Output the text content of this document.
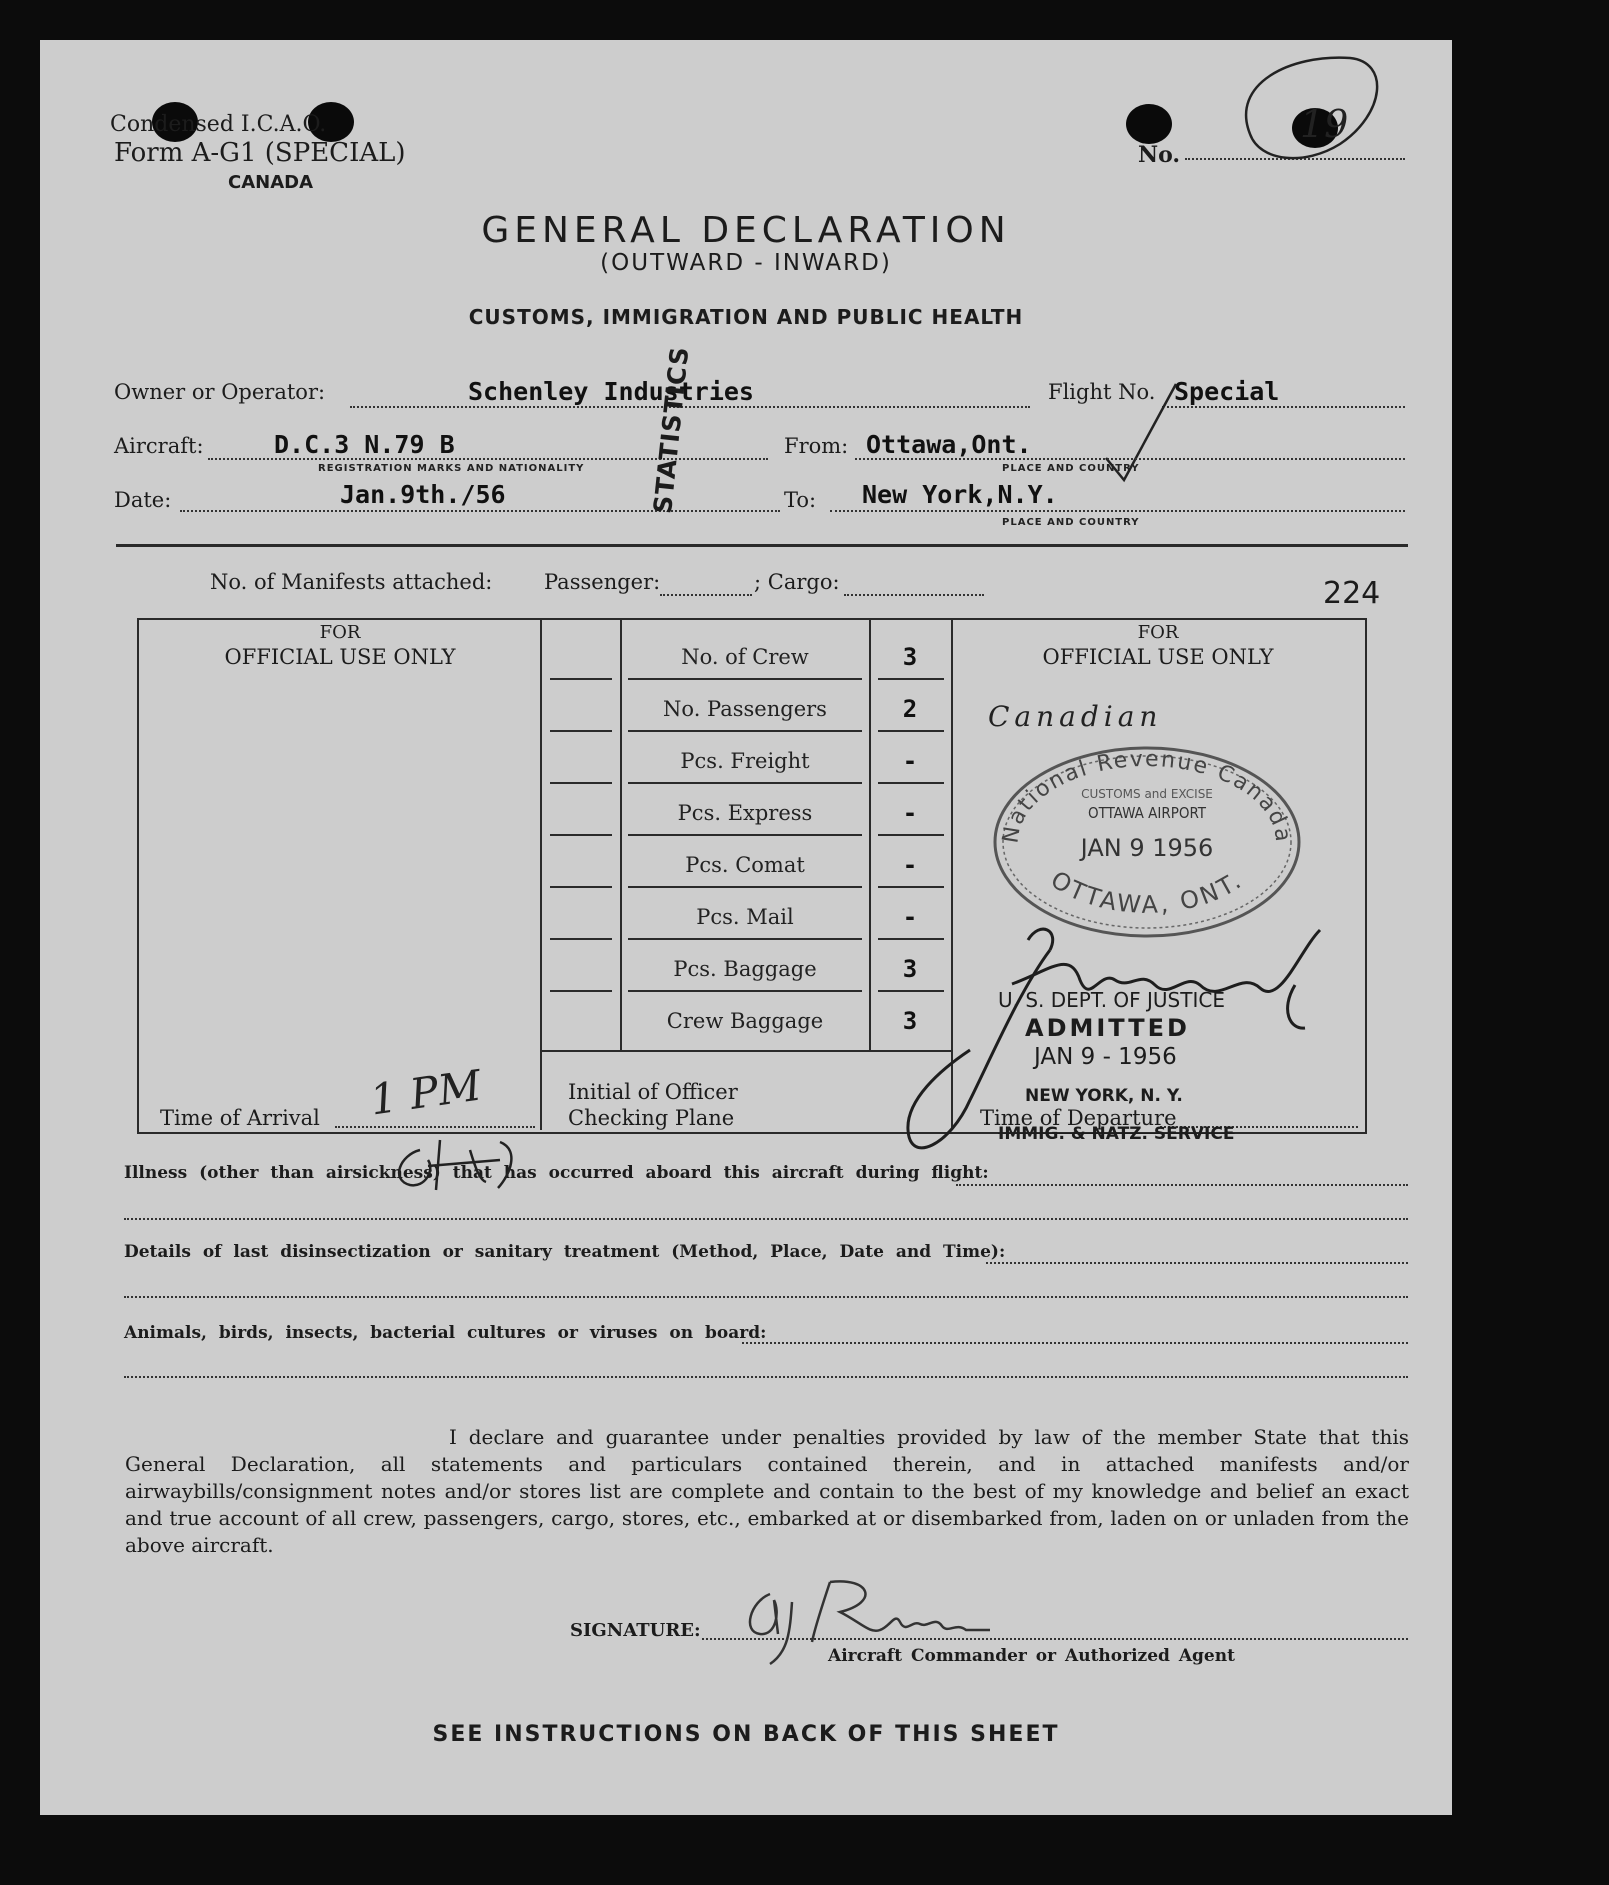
Condensed I.C.A.O.
Form A-G1 (SPECIAL)
CANADA
No.
19
GENERAL DECLARATION
(OUTWARD - INWARD)
CUSTOMS, IMMIGRATION AND PUBLIC HEALTH
Owner or Operator:	Schenley Industries	Flight No. Special
Aircraft:	D.C.3 N.79 B
REGISTRATION MARKS AND NATIONALITY
From: Ottawa,Ont.
PLACE AND COUNTRY
Date:	Jan.9th./56	To: New York,N.Y.
PLACE AND COUNTRY
STATISTICS
No. of Manifests attached: Passenger:	; Cargo:	224
FOR
OFFICIAL USE ONLY
FOR
OFFICIAL USE ONLY
No. of Crew	3
No. Passengers	2
Pcs. Freight	-
Pcs. Express	-
Pcs. Comat	-
Pcs. Mail	-
Pcs. Baggage	3
Crew Baggage	3
Time of Arrival 1 PM	Initial of Officer
Checking Plane	Time of Departure
Canadian
National Revenue Canada
OTTAWA, ONT.
CUSTOMS and EXCISE
OTTAWA AIRPORT
JAN 9 1956
U. S. DEPT. OF JUSTICE
ADMITTED
JAN 9 - 1956
NEW YORK, N. Y.
IMMIG. & NATZ. SERVICE
Illness (other than airsickness) that has occurred aboard this aircraft during flight:
Details of last disinsectization or sanitary treatment (Method, Place, Date and Time):
Animals, birds, insects, bacterial cultures or viruses on board:
I declare and guarantee under penalties provided by law of the member State that this General Declaration, all statements and particulars contained therein, and in attached manifests and/or airwaybills/consignment notes and/or stores list are complete and contain to the best of my knowledge and belief an exact and true account of all crew, passengers, cargo, stores, etc., embarked at or disembarked from, laden on or unladen from the above aircraft.
SIGNATURE:
Aircraft Commander or Authorized Agent
SEE INSTRUCTIONS ON BACK OF THIS SHEET
